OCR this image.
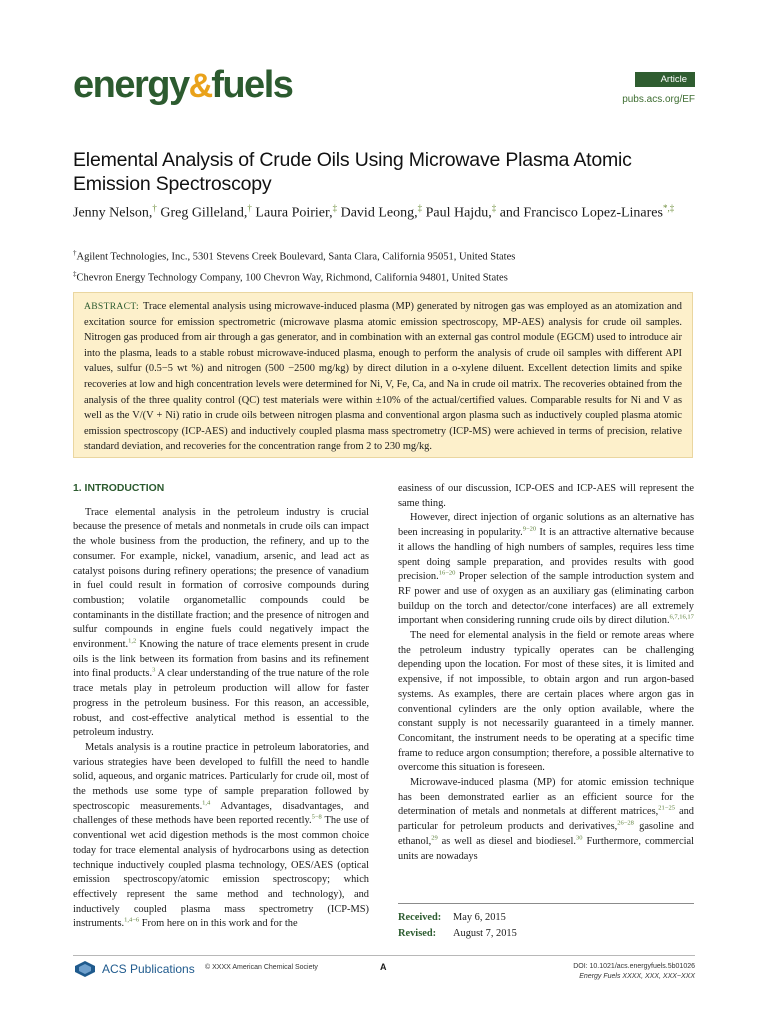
energy&fuels	Article
pubs.acs.org/EF
Elemental Analysis of Crude Oils Using Microwave Plasma Atomic Emission Spectroscopy
Jenny Nelson,† Greg Gilleland,† Laura Poirier,‡ David Leong,‡ Paul Hajdu,‡ and Francisco Lopez-Linares*,‡
†Agilent Technologies, Inc., 5301 Stevens Creek Boulevard, Santa Clara, California 95051, United States
‡Chevron Energy Technology Company, 100 Chevron Way, Richmond, California 94801, United States
ABSTRACT: Trace elemental analysis using microwave-induced plasma (MP) generated by nitrogen gas was employed as an atomization and excitation source for emission spectrometric (microwave plasma atomic emission spectroscopy, MP-AES) analysis for crude oil samples. Nitrogen gas produced from air through a gas generator, and in combination with an external gas control module (EGCM) used to introduce air into the plasma, leads to a stable robust microwave-induced plasma, enough to perform the analysis of crude oil samples with different API values, sulfur (0.5−5 wt %) and nitrogen (500 −2500 mg/kg) by direct dilution in a o-xylene diluent. Excellent detection limits and spike recoveries at low and high concentration levels were determined for Ni, V, Fe, Ca, and Na in crude oil matrix. The recoveries obtained from the analysis of the three quality control (QC) test materials were within ±10% of the actual/certified values. Comparable results for Ni and V as well as the V/(V + Ni) ratio in crude oils between nitrogen plasma and conventional argon plasma such as inductively coupled plasma atomic emission spectroscopy (ICP-AES) and inductively coupled plasma mass spectrometry (ICP-MS) were achieved in terms of precision, relative standard deviation, and recoveries for the concentration range from 2 to 230 mg/kg.
1. INTRODUCTION

Trace elemental analysis in the petroleum industry is crucial because the presence of metals and nonmetals in crude oils can impact the whole business from the production, the refinery, and up to the consumer. For example, nickel, vanadium, arsenic, and lead act as catalyst poisons during refinery operations; the presence of vanadium in fuel could result in formation of corrosive compounds during combustion; volatile organometallic compounds could be contaminants in the distillate fraction; and the presence of nitrogen and sulfur compounds in engine fuels could negatively impact the environment.$^{1,2}$ Knowing the nature of trace elements present in crude oils is the link between its formation from basins and its refinement into final products.$^3$ A clear understanding of the true nature of the role trace metals play in petroleum production will allow for faster progress in the petroleum business. For this reason, an accessible, robust, and cost-effective analytical method is essential to the petroleum industry.

Metals analysis is a routine practice in petroleum laboratories, and various strategies have been developed to fulfill the need to handle solid, aqueous, and organic matrices. Particularly for crude oil, most of the methods use some type of sample preparation followed by spectroscopic measurements.$^{1,4}$ Advantages, disadvantages, and challenges of these methods have been reported recently.$^{5-8}$ The use of conventional wet acid digestion methods is the most common choice today for trace elemental analysis of hydrocarbons using as detection technique inductively coupled plasma technology, OES/AES (optical emission spectroscopy/atomic emission spectroscopy; which effectively represent the same method and technology), and inductively coupled plasma mass spectrometry (ICP-MS) instruments.$^{1,4-6}$ From here on in this work and for the

easiness of our discussion, ICP-OES and ICP-AES will represent the same thing.

However, direct injection of organic solutions as an alternative has been increasing in popularity.$^{9-20}$ It is an attractive alternative because it allows the handling of high numbers of samples, requires less time spent doing sample preparation, and provides results with good precision.$^{16-20}$ Proper selection of the sample introduction system and RF power and use of oxygen as an auxiliary gas (eliminating carbon buildup on the torch and detector/cone interfaces) are all extremely important when considering running crude oils by direct dilution.$^{6,7,16,17}$

The need for elemental analysis in the field or remote areas where the petroleum industry typically operates can be challenging depending upon the location. For most of these sites, it is limited and expensive, if not impossible, to obtain argon and run argon-based systems. As examples, there are certain places where argon gas in conventional cylinders are the only option available, where the constant supply is not necessarily guaranteed in a timely manner. Concomitant, the instrument needs to be operating at a specific time frame to reduce argon consumption; therefore, a possible alternative to overcome this situation is foreseen.

Microwave-induced plasma (MP) for atomic emission technique has been demonstrated earlier as an efficient source for the determination of metals and nonmetals at different matrices,$^{21-25}$ and particular for petroleum products and derivatives,$^{26-28}$ gasoline and ethanol,$^{29}$ as well as diesel and biodiesel.$^{30}$ Furthermore, commercial units are nowadays

Received:	May 6, 2015
Revised:	August 7, 2015
ACS Publications © XXXX American Chemical Society	A	DOI: 10.1021/acs.energyfuels.5b01026
Energy Fuels XXXX, XXX, XXX−XXX
